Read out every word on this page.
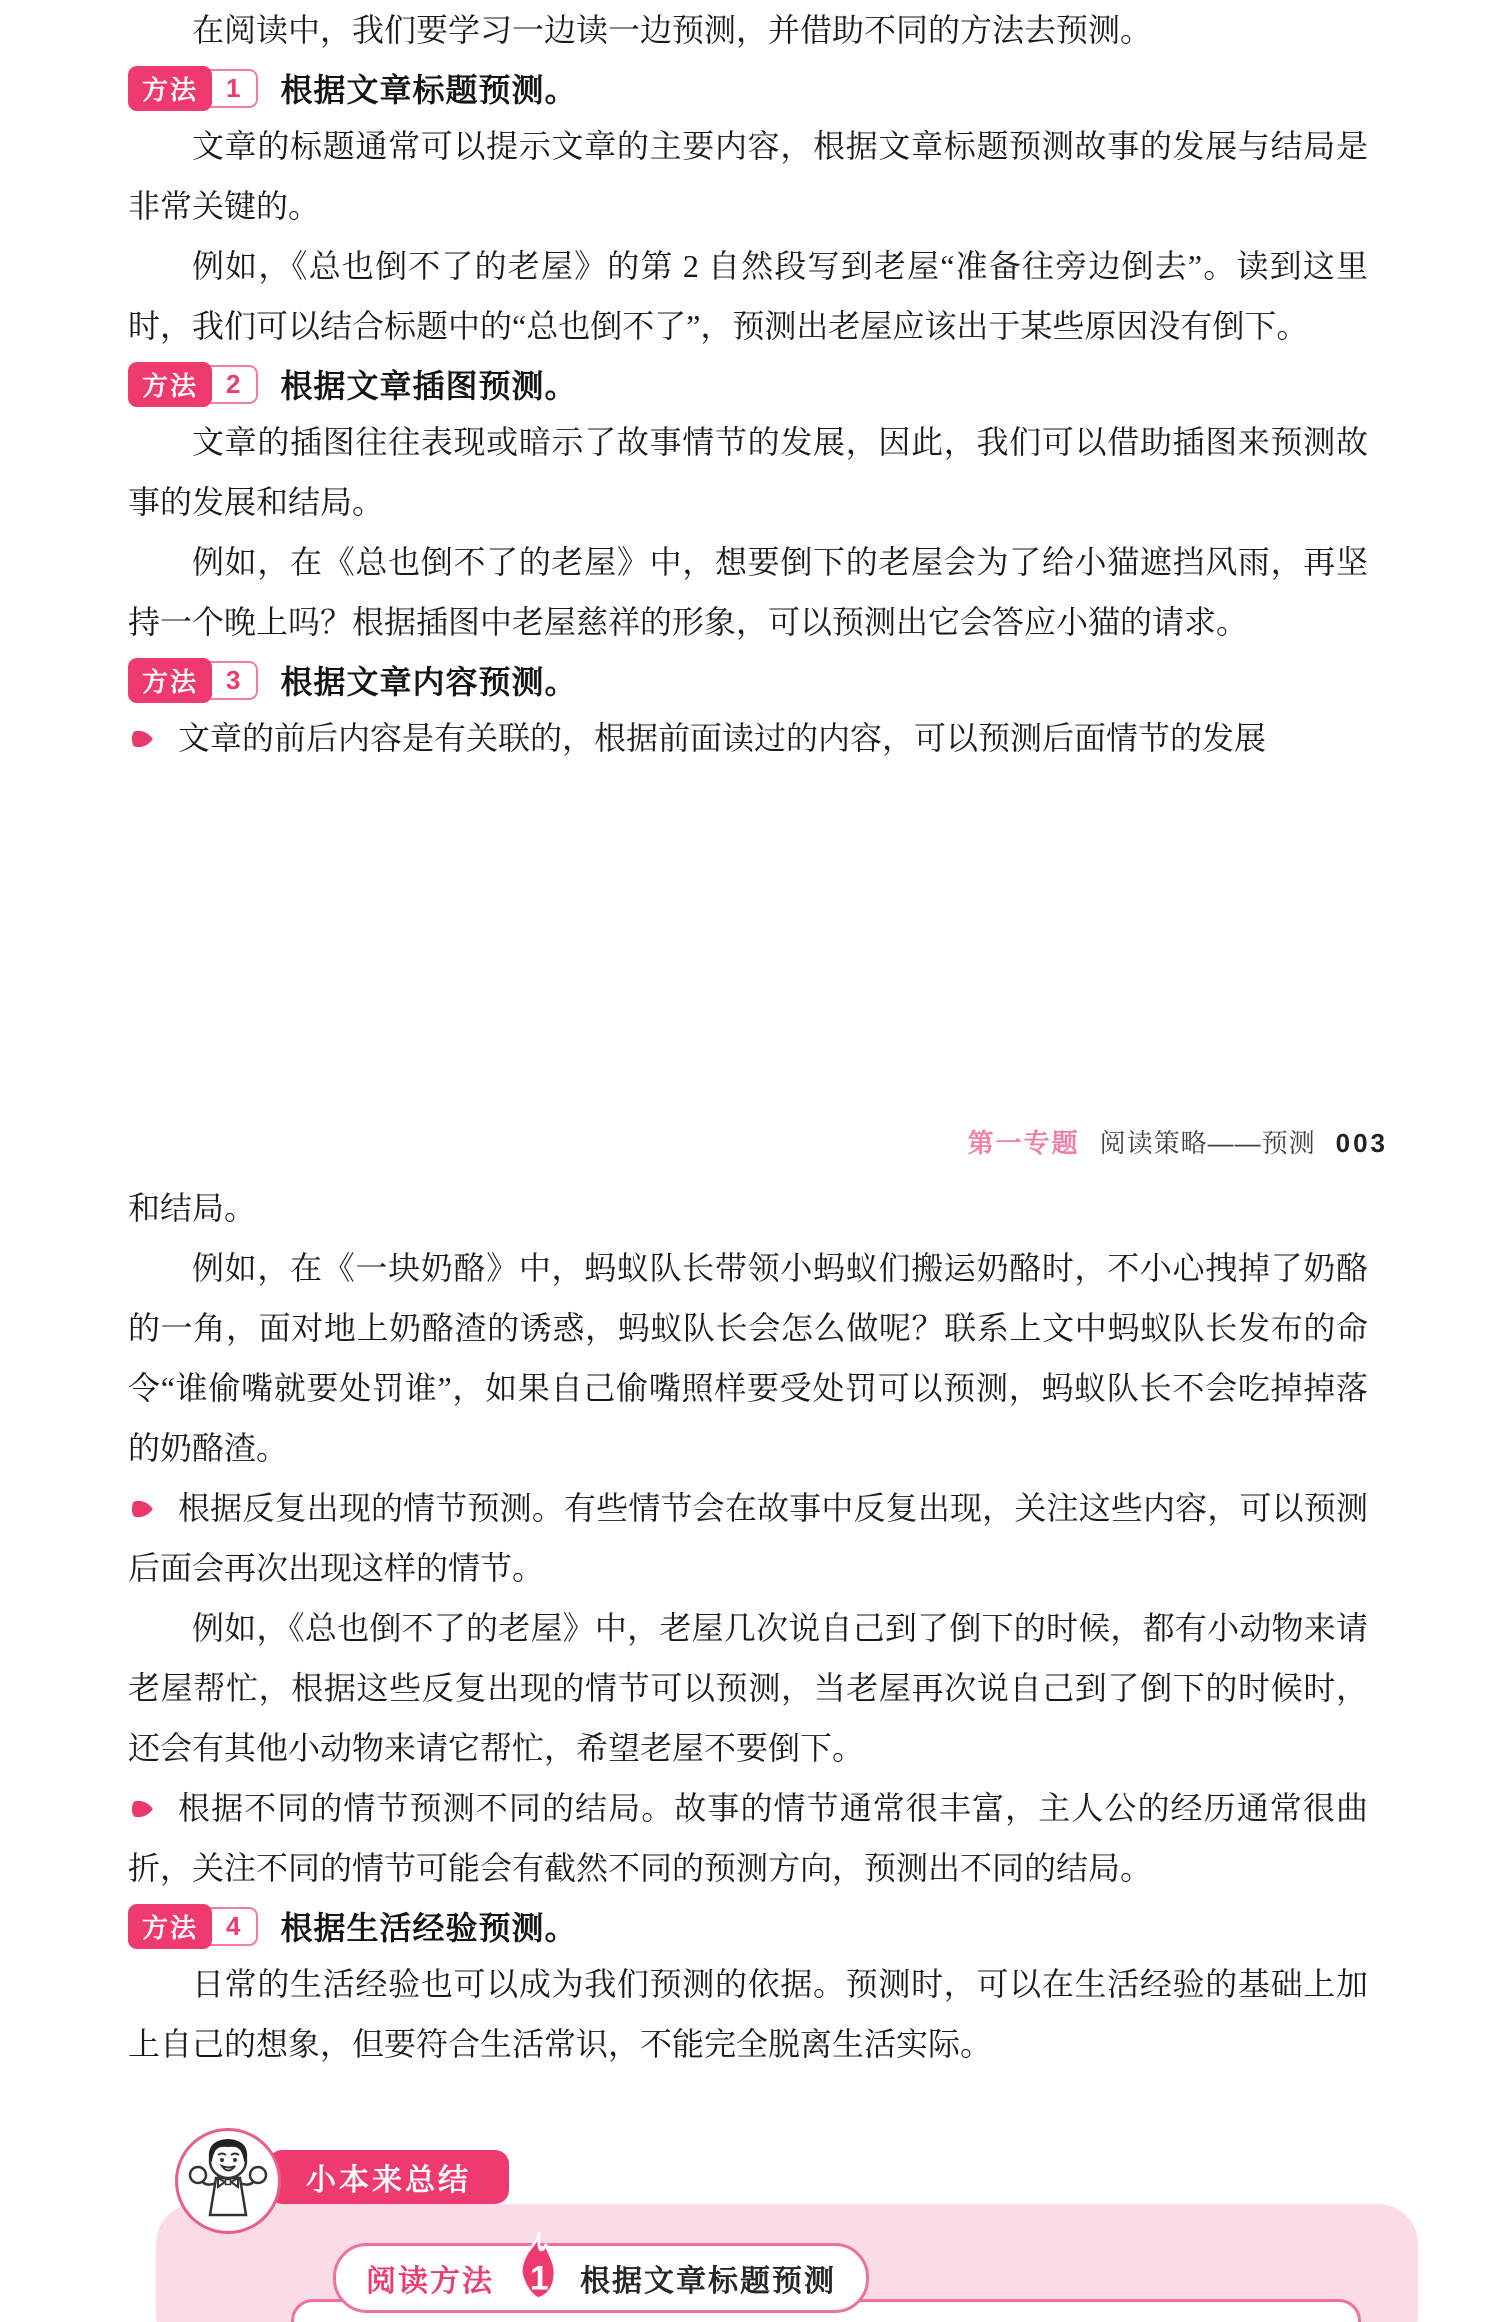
在阅读中，我们要学习一边读一边预测，并借助不同的方法去预测。

方法	1	根据文章标题预测。

文章的标题通常可以提示文章的主要内容，根据文章标题预测故事的发展与结局是非常关键的。

例如，《总也倒不了的老屋》的第 2 自然段写到老屋“准备往旁边倒去”。读到这里时，我们可以结合标题中的“总也倒不了”，预测出老屋应该出于某些原因没有倒下。

方法	2	根据文章插图预测。

文章的插图往往表现或暗示了故事情节的发展，因此，我们可以借助插图来预测故事的发展和结局。

例如，在《总也倒不了的老屋》中，想要倒下的老屋会为了给小猫遮挡风雨，再坚持一个晚上吗？根据插图中老屋慈祥的形象，可以预测出它会答应小猫的请求。

方法	3	根据文章内容预测。

文章的前后内容是有关联的，根据前面读过的内容，可以预测后面情节的发展

第一专题 阅读策略——预测 003

和结局。

例如，在《一块奶酪》中，蚂蚁队长带领小蚂蚁们搬运奶酪时，不小心拽掉了奶酪的一角，面对地上奶酪渣的诱惑，蚂蚁队长会怎么做呢？联系上文中蚂蚁队长发布的命令“谁偷嘴就要处罚谁”，如果自己偷嘴照样要受处罚可以预测，蚂蚁队长不会吃掉掉落的奶酪渣。

根据反复出现的情节预测。有些情节会在故事中反复出现，关注这些内容，可以预测后面会再次出现这样的情节。

例如，《总也倒不了的老屋》中，老屋几次说自己到了倒下的时候，都有小动物来请老屋帮忙，根据这些反复出现的情节可以预测，当老屋再次说自己到了倒下的时候时，还会有其他小动物来请它帮忙，希望老屋不要倒下。

根据不同的情节预测不同的结局。故事的情节通常很丰富，主人公的经历通常很曲折，关注不同的情节可能会有截然不同的预测方向，预测出不同的结局。

方法	4	根据生活经验预测。

日常的生活经验也可以成为我们预测的依据。预测时，可以在生活经验的基础上加上自己的想象，但要符合生活常识，不能完全脱离生活实际。

小本来总结
阅读方法 1 根据文章标题预测
